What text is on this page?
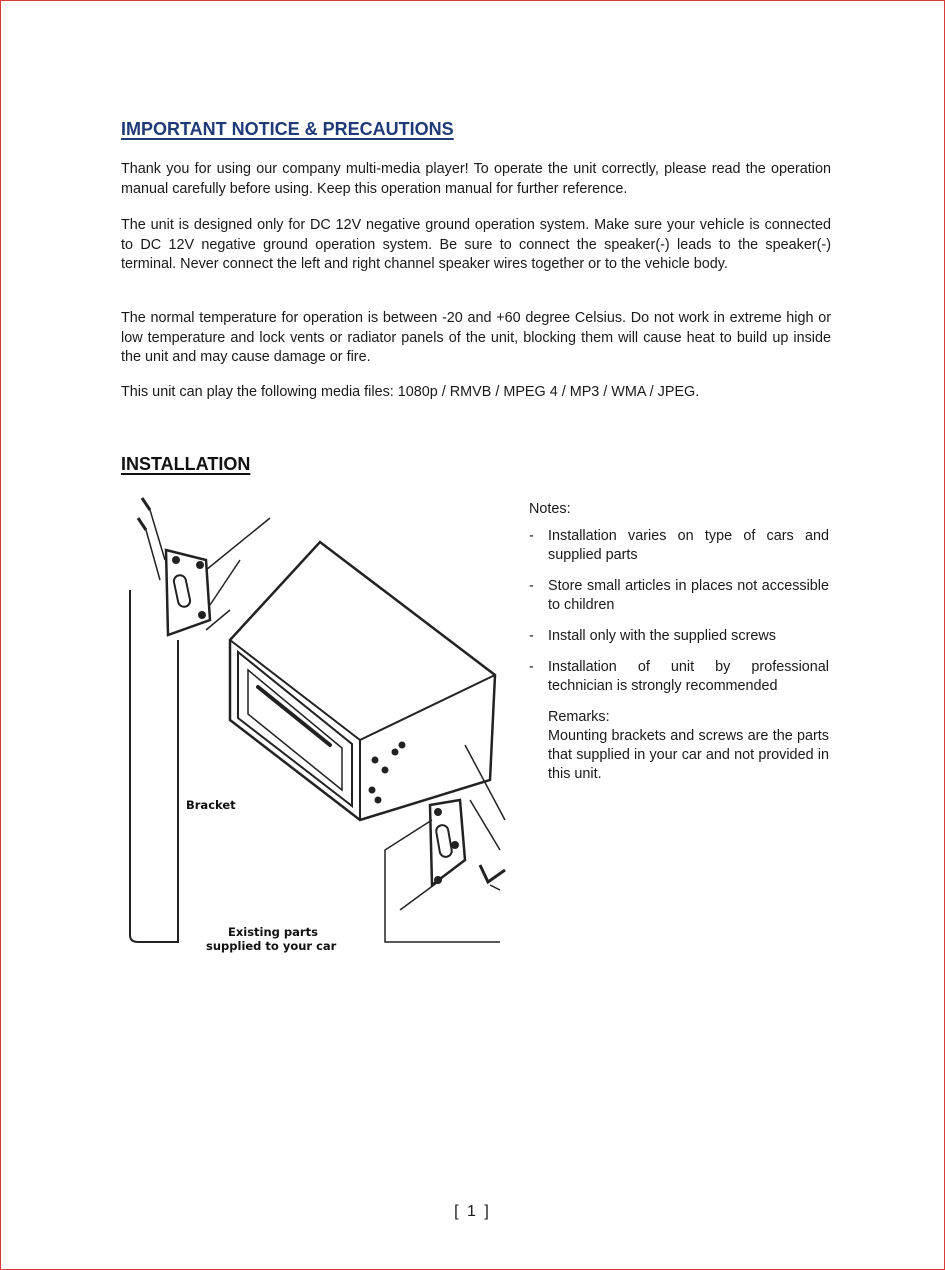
IMPORTANT NOTICE & PRECAUTIONS

Thank you for using our company multi-media player! To operate the unit correctly, please read the operation manual carefully before using. Keep this operation manual for further reference.

The unit is designed only for DC 12V negative ground operation system. Make sure your vehicle is connected to DC 12V negative ground operation system. Be sure to connect the speaker(-) leads to the speaker(-) terminal. Never connect the left and right channel speaker wires together or to the vehicle body.

The normal temperature for operation is between -20 and +60 degree Celsius. Do not work in extreme high or low temperature and lock vents or radiator panels of the unit, blocking them will cause heat to build up inside the unit and may cause damage or fire.

This unit can play the following media files: 1080p / RMVB / MPEG 4 / MP3 / WMA / JPEG.

INSTALLATION
Bracket
Existing parts
supplied to your car

Notes:

- Installation varies on type of cars and supplied parts
- Store small articles in places not accessible to children
- Install only with the supplied screws
- Installation of unit by professional technician is strongly recommended

Remarks:

Mounting brackets and screws are the parts that supplied in your car and not provided in this unit.

[ 1 ]
